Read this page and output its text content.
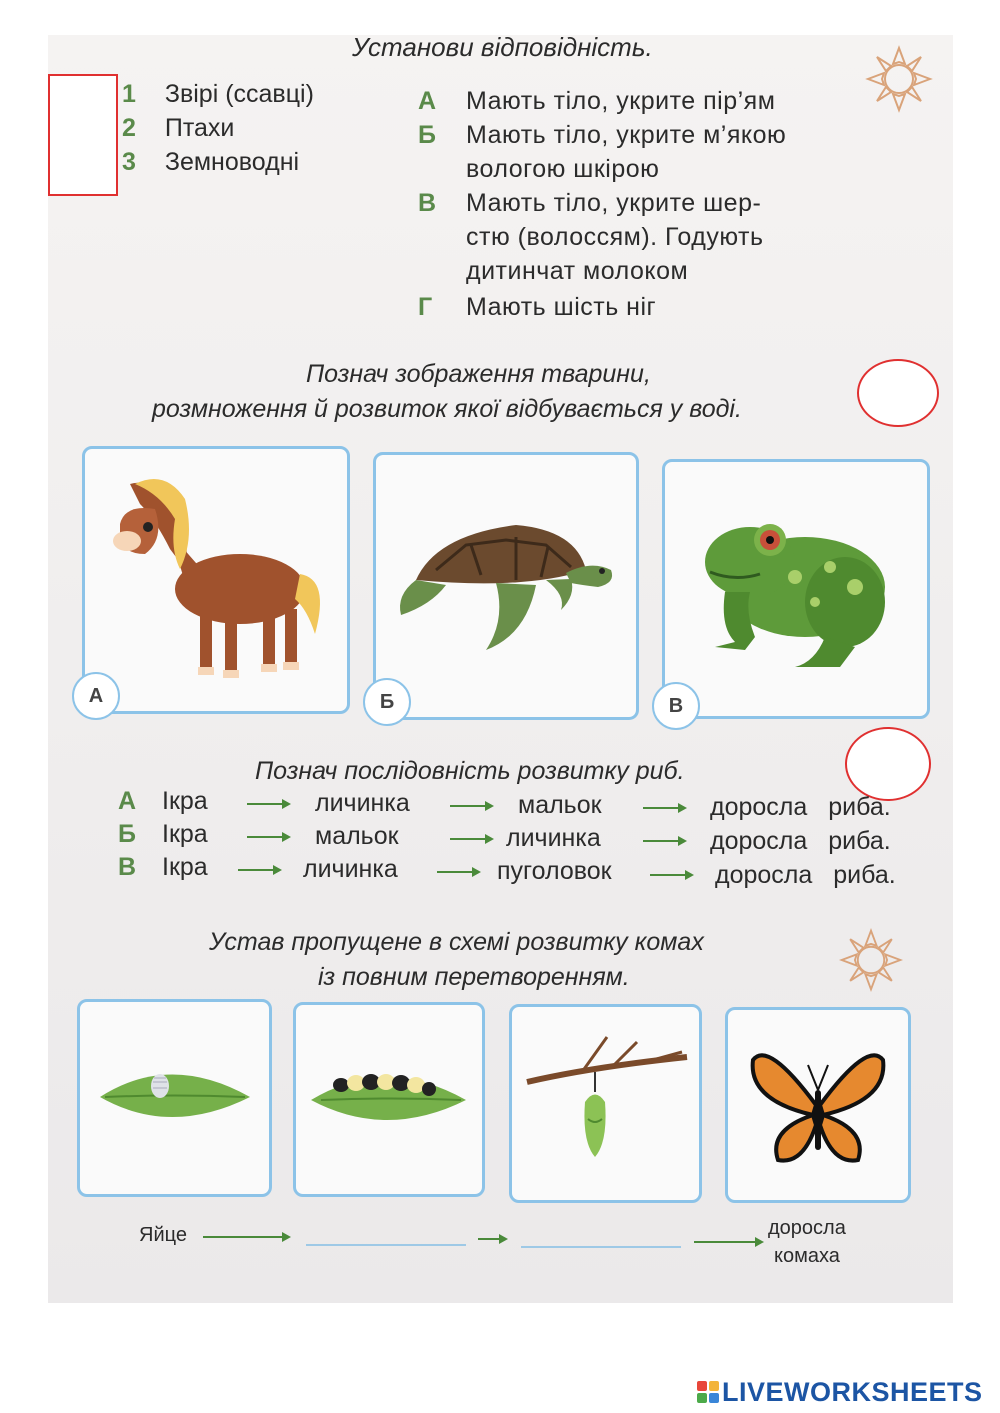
Установи відповідність.
1 Звірі (ссавці)
2 Птахи
3 Земноводні
А Мають тіло, укрите пір’ям
Б Мають тіло, укрите м’якою
вологою шкірою
В Мають тіло, укрите шер-
стю (волоссям). Годують
дитинчат молоком
Г Мають шість ніг
Познач зображення тварини,
розмноження й розвиток якої відбувається у воді.
А	Б	В
Познач послідовність розвитку риб.
А Ікра	личинка	мальок	доросла риба.
Б Ікра	мальок	личинка	доросла риба.
В Ікра	личинка	пуголовок	доросла риба.
Устав пропущене в схемі розвитку комах
із повним перетворенням.
Яйце	доросла
комаха
LIVEWORKSHEETS
